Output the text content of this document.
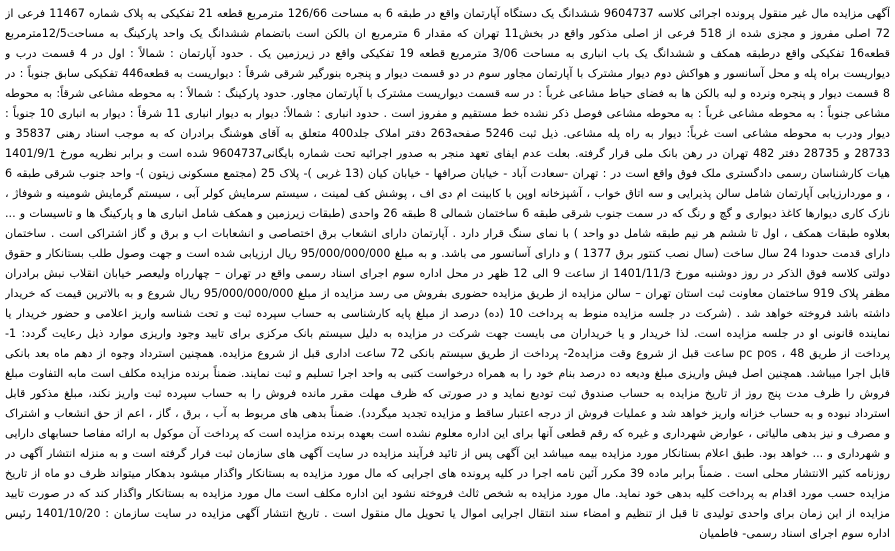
آگهی مزایده مال غیر منقول پرونده اجرائی کلاسه 9604737 ششدانگ یک دستگاه آپارتمان واقع در طبقه 6 به مساحت 126/66 مترمربع قطعه 21 تفکیکی به پلاک شماره 11467 فرعی از 72 اصلی مفروز و مجزی شده از 518 فرعی از اصلی مذکور واقع در بخش11 تهران که مقدار 6 مترمربع ان بالکن است باتضمام ششدانگ یک واحد پارکینگ به مساحت12/5مترمربع قطعه16 تفکیکی واقع درطبقه همکف و ششدانگ یک باب انباری به مساحت 3/06 مترمربع قطعه 19 تفکیکی واقع در زیرزمین یک . حدود آپارتمان : شمالاً : اول در 4 قسمت درب و دیواریست براه پله و محل آسانسور و هواکش دوم دیوار مشترک با آپارتمان مجاور سوم در دو قسمت دیوار و پنجره بنورگیر شرقی شرقاً : دیواریست به قطعه446 تفکیکی سابق جنوباً : در 8 قسمت دیوار و پنجره ونرده و لبه بالکن ها به فضای حیاط مشاعی غرباً : در سه قسمت دیواریست مشترک با آپارتمان مجاور. حدود پارکینگ : شمالاً : به محوطه مشاعی شرقاً: به محوطه مشاعی جنوباً : به محوطه مشاعی غرباً : به محوطه مشاعی فوصل ذکر نشده خط مستقیم و مفروز است . حدود انباری : شمالاً: دیوار به دیوار انباری 11 شرقاً : دیوار به انباری 10 جنوباً : دیوار ودرب به محوطه مشاعی است غرباً: دیوار به راه پله مشاعی. ذیل ثبت 5246 صفحه263 دفتر املاک جلد400 متعلق به آقای هوشنگ برادران که به موجب اسناد رهنی 35837 و 28733 و 28735 دفتر 482 تهران در رهن بانک ملی قرار گرفته. بعلت عدم ایفای تعهد منجر به صدور اجرائیه تحت شماره بایگانی9604737 شده است و برابر نظریه مورخ 1401/9/1 هیات کارشناسان رسمی دادگستری ملک فوق واقع است در : تهران -سعادت آباد - خیابان صرافها - خیابان کیان (13 غربی )- پلاک 25 (مجتمع مسکونی زیتون )- واحد جنوب شرقی طبقه 6 ، و موردارزیابی آپارتمان شامل سالن پذیرایی و سه اتاق خواب ، آشپزخانه اوپن با کابینت ام دی اف ، پوشش کف لمینت ، سیستم سرمایش کولر آبی ، سیستم گرمایش شومینه و شوفاژ ، نازک کاری دیوارها کاغذ دیواری و گچ و رنگ که در سمت جنوب شرقی طبقه 6 ساختمان شمالی 8 طبقه 26 واحدی (طبقات زیرزمین و همکف شامل انباری ها و پارکینگ ها و تاسیسات و ... بعلاوه طبقات همکف ، اول تا ششم هر نیم طبقه شامل دو واحد ) با نمای سنگ قرار دارد . آپارتمان دارای انشعاب برق اختصاصی و انشعابات اب و برق و گاز اشتراکی است . ساختمان دارای قدمت حدودا 24 سال ساخت (سال نصب کنتور برق 1377 ) و دارای آسانسور می باشد. و به مبلغ 95/000/000/000 ریال ارزیابی شده است و جهت وصول طلب بستانکار و حقوق دولتی کلاسه فوق الذکر در روز دوشنبه مورخ 1401/11/3 از ساعت 9 الی 12 ظهر در محل اداره سوم اجرای اسناد رسمی واقع در تهران – چهارراه ولیعصر خیابان انقلاب نبش برادران مظفر پلاک 919 ساختمان معاونت ثبت استان تهران – سالن مزایده از طریق مزایده حضوری بفروش می رسد مزایده از مبلغ 95/000/000/000 ریال شروع و به بالاترین قیمت که خریدار داشته باشد فروخته خواهد شد . (شرکت در جلسه مزایده منوط به پرداخت 10 (ده) درصد از مبلغ پایه کارشناسی به حساب سپرده ثبت و تحت شناسه واریز اعلامی و حضور خریدار یا نماینده قانونی او در جلسه مزایده است. لذا خریدار و یا خریداران می بایست جهت شرکت در مزایده به دلیل سیستم بانک مرکزی برای تایید وجود واریزی موارد ذیل رعایت گردد: 1- پرداخت از طریق pc pos ، 48 ساعت قبل از شروع وقت مزایده2- پرداخت از طریق سیستم بانکی 72 ساعت اداری قبل از شروع مزایده. همچنین استرداد وجوه از دهم ماه بعد بانکی قابل اجرا میباشد. همچنین اصل فیش واریزی مبلغ ودیعه ده درصد بنام خود را به همراه درخواست کتبی به واحد اجرا تسلیم و ثبت نمایند. ضمناً برنده مزایده مکلف است مابه التفاوت مبلغ فروش را ظرف مدت پنج روز از تاریخ مزایده به حساب صندوق ثبت تودیع نماید و در صورتی که ظرف مهلت مقرر مانده فروش را به حساب سپرده ثبت واریز نکند، مبلغ مذکور قابل استرداد نبوده و به حساب خزانه واریز خواهد شد و عملیات فروش از درجه اعتبار ساقط و مزایده تجدید میگردد). ضمناً بدهی های مربوط به آب ، برق ، گاز ، اعم از حق انشعاب و اشتراک و مصرف و نیز بدهی مالیاتی ، عوارض شهرداری و غیره که رقم قطعی آنها برای این اداره معلوم نشده است بعهده برنده مزایده است که پرداخت آن موکول به ارائه مفاصا حسابهای دارایی و شهرداری و ... خواهد بود. طبق اعلام بستانکار مورد مزایده بیمه میباشد این آگهی پس از تائید فرآیند مزایده در سایت آگهی های سازمان ثبت فرار گرفته است و به منزله انتشار آگهی در روزنامه کثیر الانتشار محلی است . ضمناً برابر ماده 39 مکرر آئین نامه اجرا در کلیه پرونده های اجرایی که مال مورد مزایده به بستانکار واگذار میشود بدهکار میتواند ظرف دو ماه از تاریخ مزایده حسب مورد اقدام به پرداخت کلیه بدهی خود نماید. مال مورد مزایده به شخص ثالث فروخته نشود این اداره مکلف است مال مورد مزایده به بستانکار واگذار کند که در صورت تایید مزایده از این زمان برای واحدی تولیدی تا قبل از تنظیم و امضاء سند انتقال اجرایی اموال یا تحویل مال منقول است . تاریخ انتشار آگهی مزایده در سایت سازمان : 1401/10/20 رئیس اداره سوم اجرای اسناد رسمی- فاطمیان
